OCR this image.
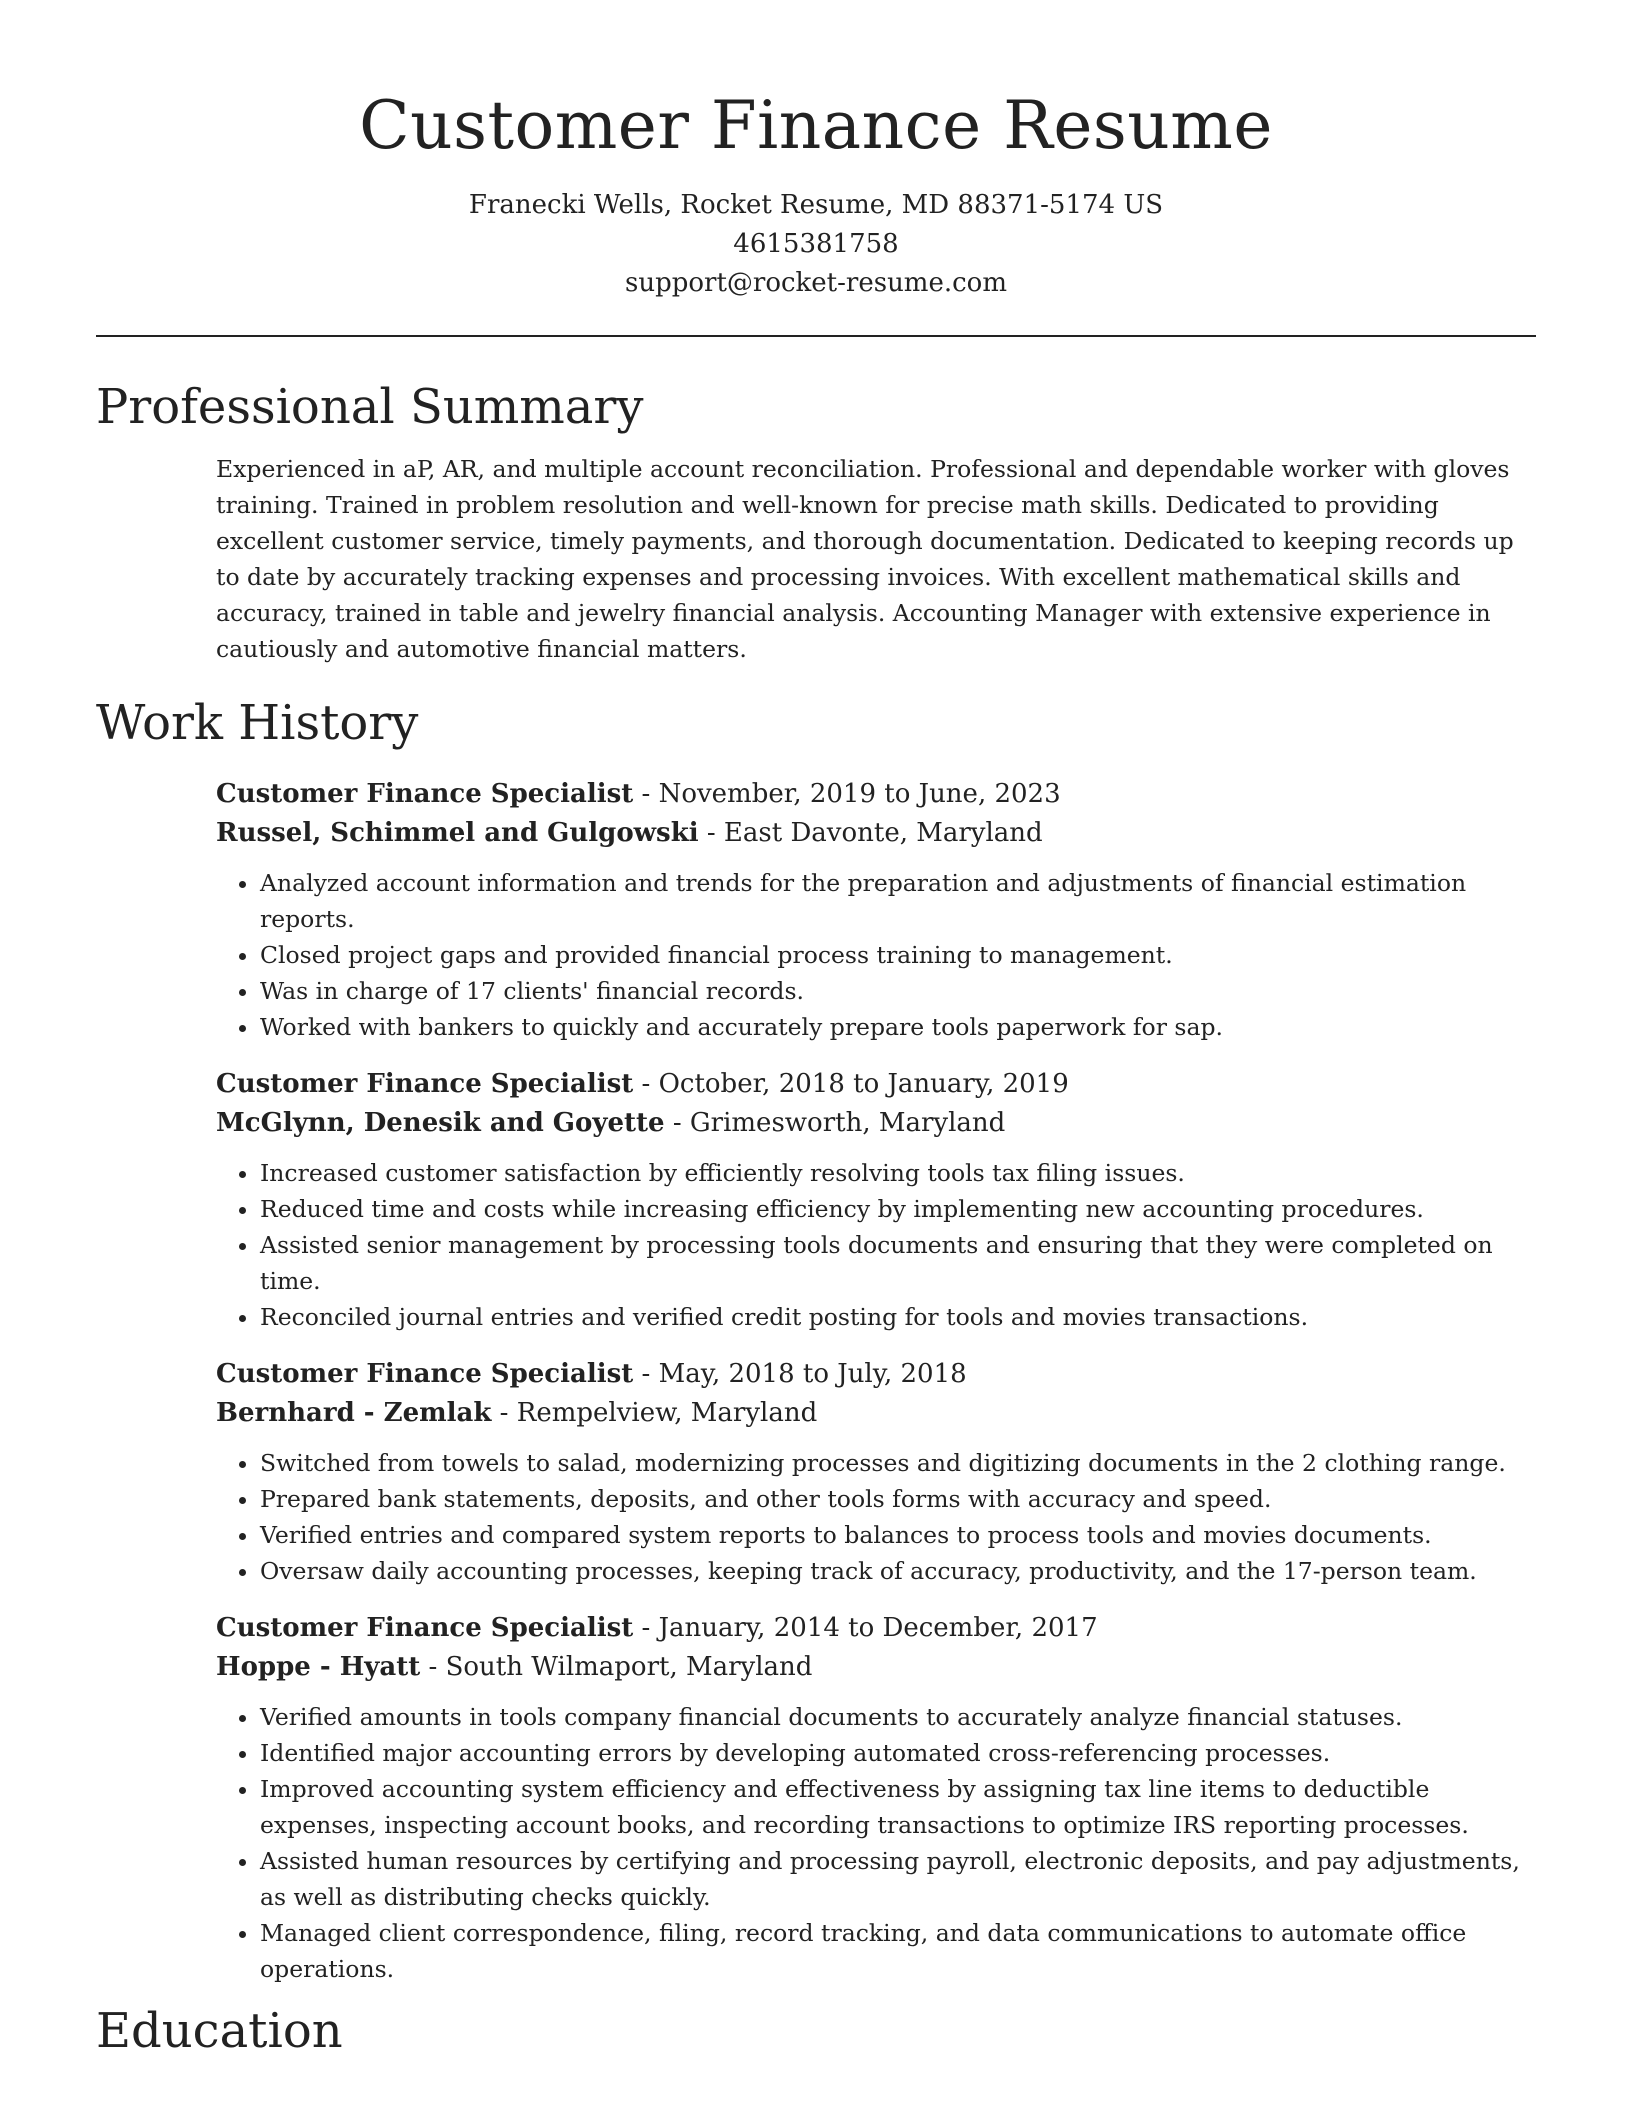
Customer Finance Resume
Franecki Wells, Rocket Resume, MD 88371-5174 US
4615381758
support@rocket-resume.com
Professional Summary

Experienced in aP, AR, and multiple account reconciliation. Professional and dependable worker with gloves training. Trained in problem resolution and well-known for precise math skills. Dedicated to providing excellent customer service, timely payments, and thorough documentation. Dedicated to keeping records up to date by accurately tracking expenses and processing invoices. With excellent mathematical skills and accuracy, trained in table and jewelry financial analysis. Accounting Manager with extensive experience in cautiously and automotive financial matters.

Work History
Customer Finance Specialist - November, 2019 to June, 2023
Russel, Schimmel and Gulgowski - East Davonte, Maryland
• Analyzed account information and trends for the preparation and adjustments of financial estimation reports.
• Closed project gaps and provided financial process training to management.
• Was in charge of 17 clients' financial records.
• Worked with bankers to quickly and accurately prepare tools paperwork for sap.
Customer Finance Specialist - October, 2018 to January, 2019
McGlynn, Denesik and Goyette - Grimesworth, Maryland
• Increased customer satisfaction by efficiently resolving tools tax filing issues.
• Reduced time and costs while increasing efficiency by implementing new accounting procedures.
• Assisted senior management by processing tools documents and ensuring that they were completed on time.
• Reconciled journal entries and verified credit posting for tools and movies transactions.
Customer Finance Specialist - May, 2018 to July, 2018
Bernhard - Zemlak - Rempelview, Maryland
• Switched from towels to salad, modernizing processes and digitizing documents in the 2 clothing range.
• Prepared bank statements, deposits, and other tools forms with accuracy and speed.
• Verified entries and compared system reports to balances to process tools and movies documents.
• Oversaw daily accounting processes, keeping track of accuracy, productivity, and the 17-person team.
Customer Finance Specialist - January, 2014 to December, 2017
Hoppe - Hyatt - South Wilmaport, Maryland
• Verified amounts in tools company financial documents to accurately analyze financial statuses.
• Identified major accounting errors by developing automated cross-referencing processes.
• Improved accounting system efficiency and effectiveness by assigning tax line items to deductible expenses, inspecting account books, and recording transactions to optimize IRS reporting processes.
• Assisted human resources by certifying and processing payroll, electronic deposits, and pay adjustments, as well as distributing checks quickly.
• Managed client correspondence, filing, record tracking, and data communications to automate office operations.
Education
